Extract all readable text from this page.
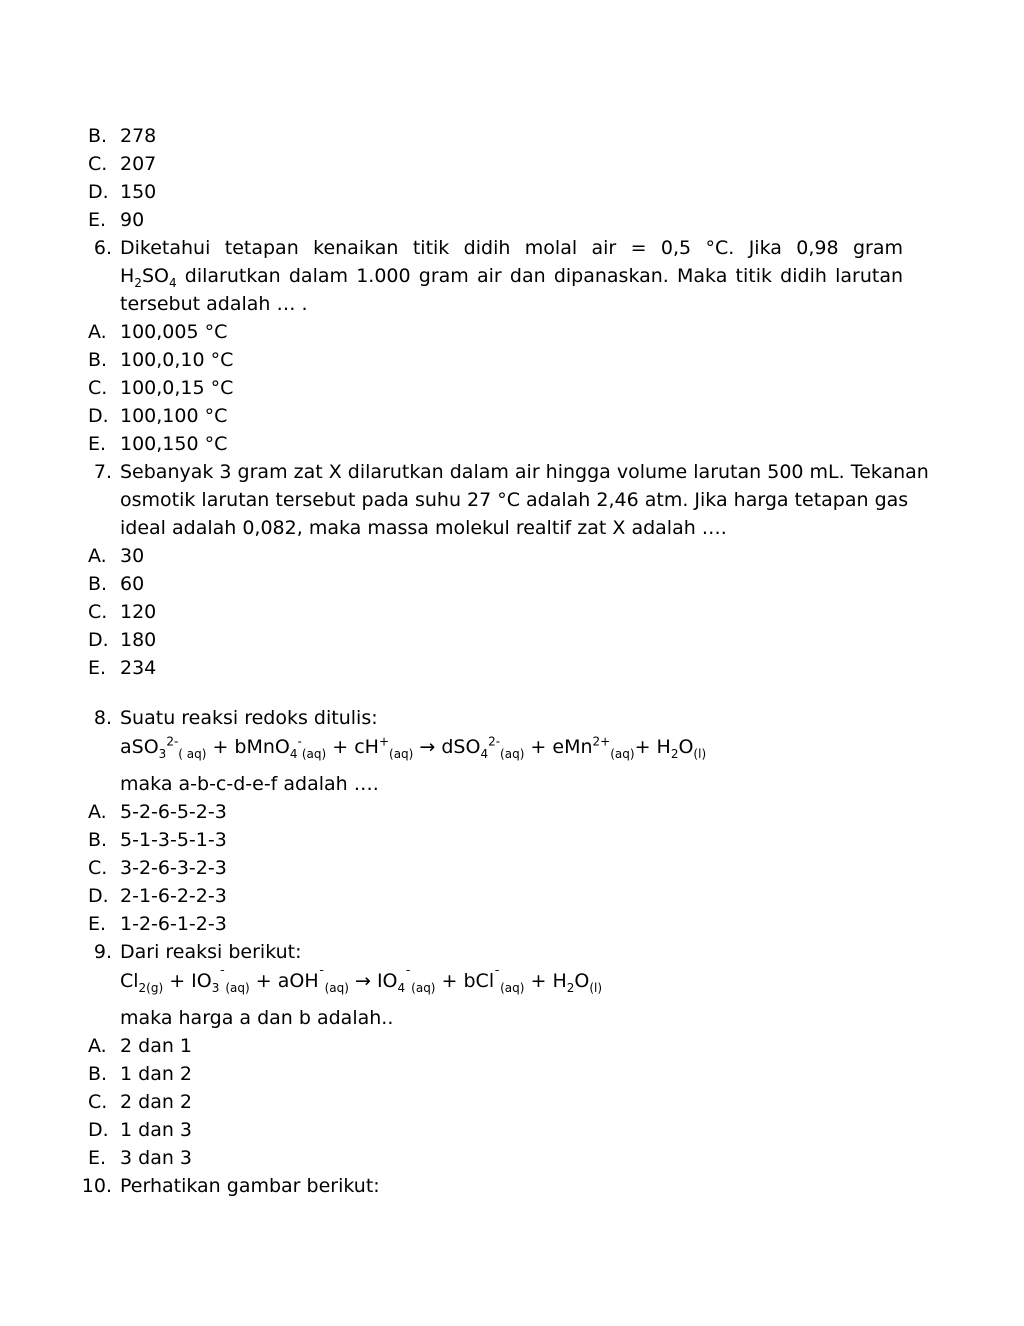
B. 278
C. 207
D. 150
E. 90
6. Diketahui tetapan kenaikan titik didih molal air = 0,5 °C. Jika 0,98 gram
$H_2SO_4$ dilarutkan dalam 1.000 gram air dan dipanaskan. Maka titik didih larutan
tersebut adalah … .
A. 100,005 °C
B. 100,0,10 °C
C. 100,0,15 °C
D. 100,100 °C
E. 100,150 °C
7. Sebanyak 3 gram zat X dilarutkan dalam air hingga volume larutan 500 mL. Tekanan
osmotik larutan tersebut pada suhu 27 °C adalah 2,46 atm. Jika harga tetapan gas
ideal adalah 0,082, maka massa molekul realtif zat X adalah ….
A. 30
B. 60
C. 120
D. 180
E. 234
8. Suatu reaksi redoks ditulis:
aSO$_3^{2-}_{( aq)}$ + bMnO$_4$-$_{(aq)}$ + $cH^+_{(aq)} \to dSO_4^{2-}_{(aq)} + eMn^{2+}_{(aq)}+ H_2O_{(l)}$
maka a-b-c-d-e-f adalah ….
A. 5-2-6-5-2-3
B. 5-1-3-5-1-3
C. 3-2-6-3-2-3
D. 2-1-6-2-2-3
E. 1-2-6-1-2-3
9. Dari reaksi berikut:
$Cl_{2(g)} + IO_3^¯_{(aq)} + aOH^¯_{(aq)} \to IO_4^¯_{(aq)} + bCl^¯_{(aq)} + H_2O_{(l)}$
maka harga a dan b adalah..
A. 2 dan 1
B. 1 dan 2
C. 2 dan 2
D. 1 dan 3
E. 3 dan 3
10. Perhatikan gambar berikut:
